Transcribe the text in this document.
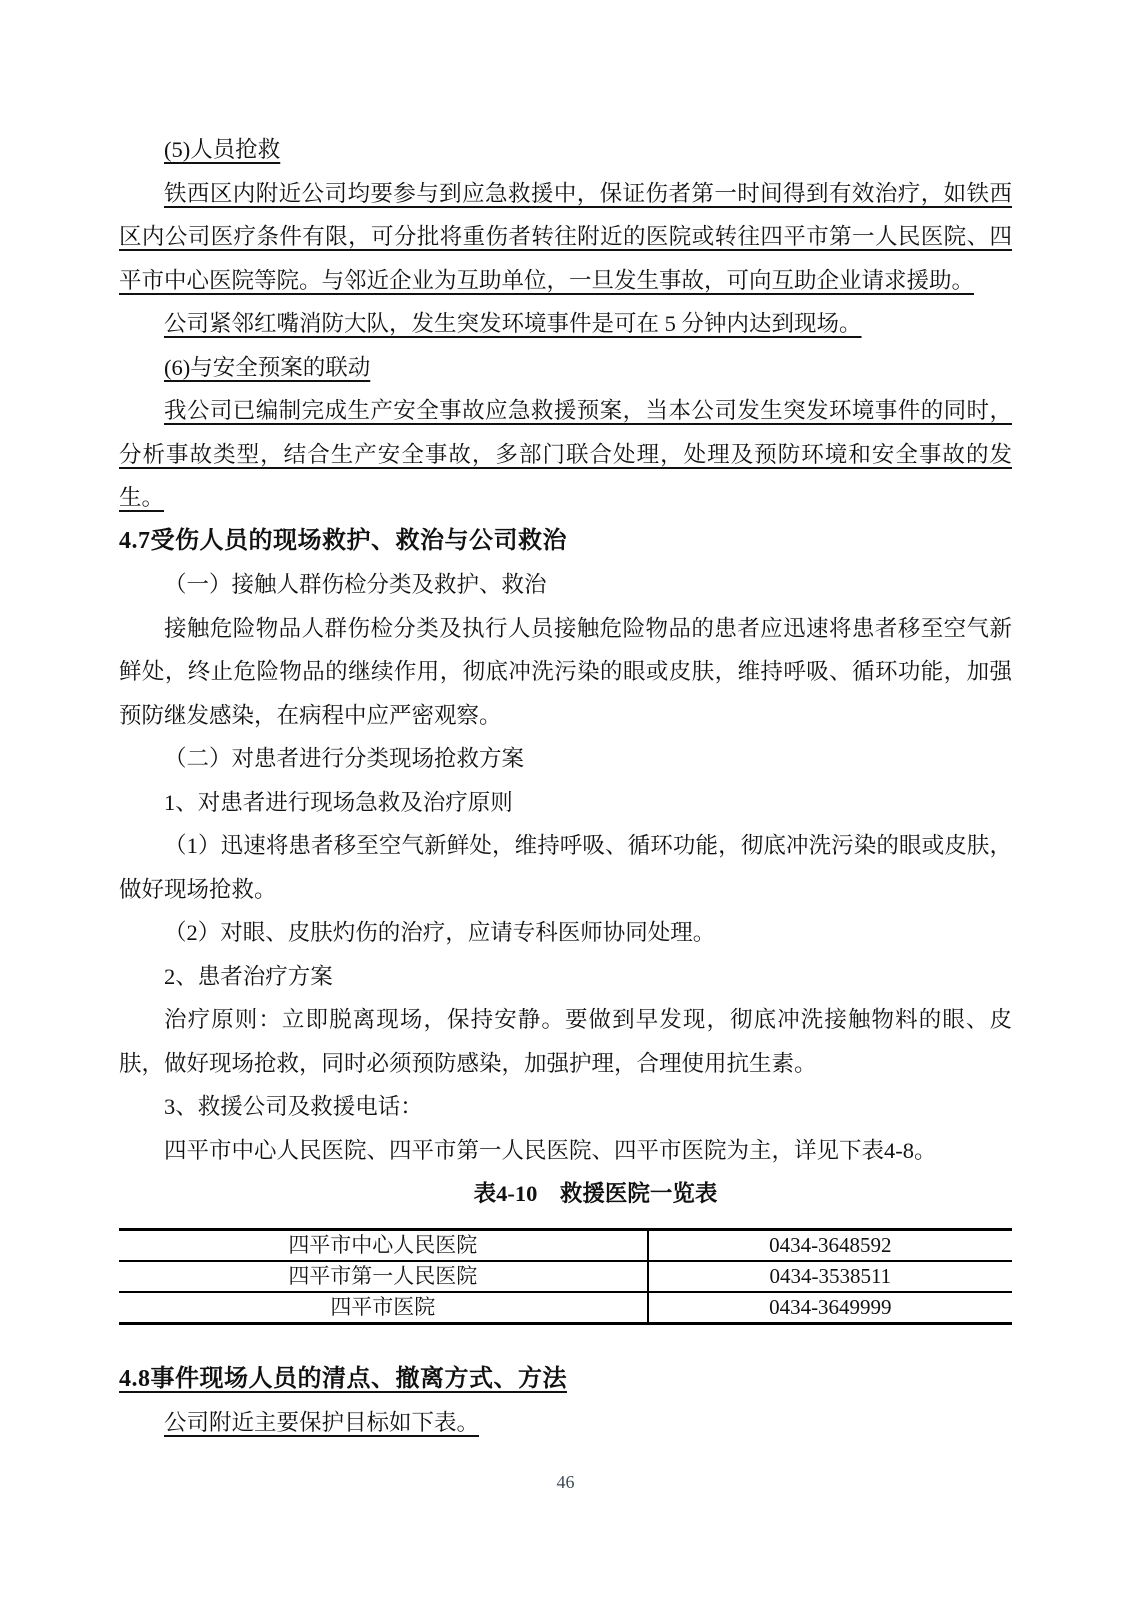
(5)人员抢救

铁西区内附近公司均要参与到应急救援中，保证伤者第一时间得到有效治疗，如铁西区内公司医疗条件有限，可分批将重伤者转往附近的医院或转往四平市第一人民医院、四平市中心医院等院。与邻近企业为互助单位，一旦发生事故，可向互助企业请求援助。

公司紧邻红嘴消防大队，发生突发环境事件是可在 5 分钟内达到现场。

(6)与安全预案的联动

我公司已编制完成生产安全事故应急救援预案，当本公司发生突发环境事件的同时，分析事故类型，结合生产安全事故，多部门联合处理，处理及预防环境和安全事故的发生。

4.7受伤人员的现场救护、救治与公司救治

（一）接触人群伤检分类及救护、救治

接触危险物品人群伤检分类及执行人员接触危险物品的患者应迅速将患者移至空气新鲜处，终止危险物品的继续作用，彻底冲洗污染的眼或皮肤，维持呼吸、循环功能，加强预防继发感染，在病程中应严密观察。

（二）对患者进行分类现场抢救方案

1、对患者进行现场急救及治疗原则

（1）迅速将患者移至空气新鲜处，维持呼吸、循环功能，彻底冲洗污染的眼或皮肤，做好现场抢救。

（2）对眼、皮肤灼伤的治疗，应请专科医师协同处理。

2、患者治疗方案

治疗原则：立即脱离现场，保持安静。要做到早发现，彻底冲洗接触物料的眼、皮肤，做好现场抢救，同时必须预防感染，加强护理，合理使用抗生素。

3、救援公司及救援电话：

四平市中心人民医院、四平市第一人民医院、四平市医院为主，详见下表4-8。

表4-10　救援医院一览表
四平市中心人民医院	0434-3648592
四平市第一人民医院	0434-3538511
四平市医院	0434-3649999
4.8事件现场人员的清点、撤离方式、方法

公司附近主要保护目标如下表。

46
